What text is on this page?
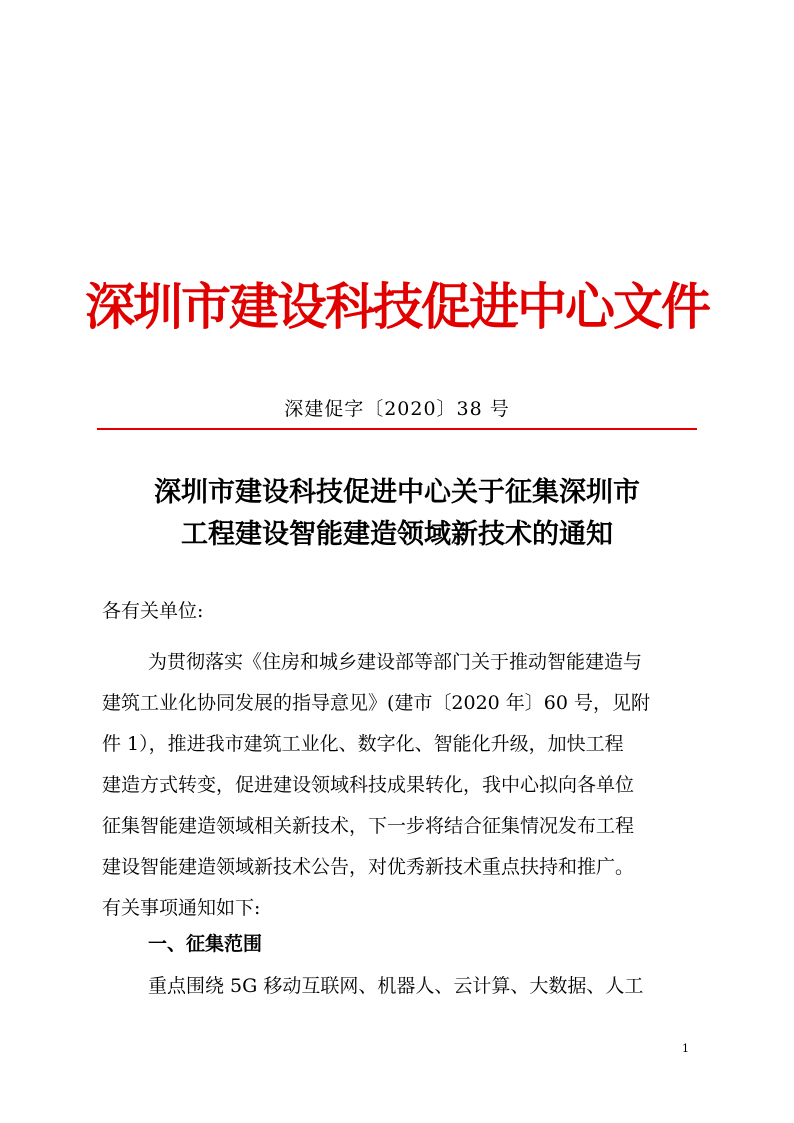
深圳市建设科技促进中心文件
深建促字〔2020〕38 号
深圳市建设科技促进中心关于征集深圳市
工程建设智能建造领域新技术的通知
各有关单位:
为贯彻落实《住房和城乡建设部等部门关于推动智能建造与
建筑工业化协同发展的指导意见》(建市〔2020 年〕60 号，见附
件 1），推进我市建筑工业化、数字化、智能化升级，加快工程
建造方式转变，促进建设领域科技成果转化，我中心拟向各单位
征集智能建造领域相关新技术，下一步将结合征集情况发布工程
建设智能建造领域新技术公告，对优秀新技术重点扶持和推广。
有关事项通知如下:
一、征集范围
重点围绕 5G 移动互联网、机器人、云计算、大数据、人工
1
